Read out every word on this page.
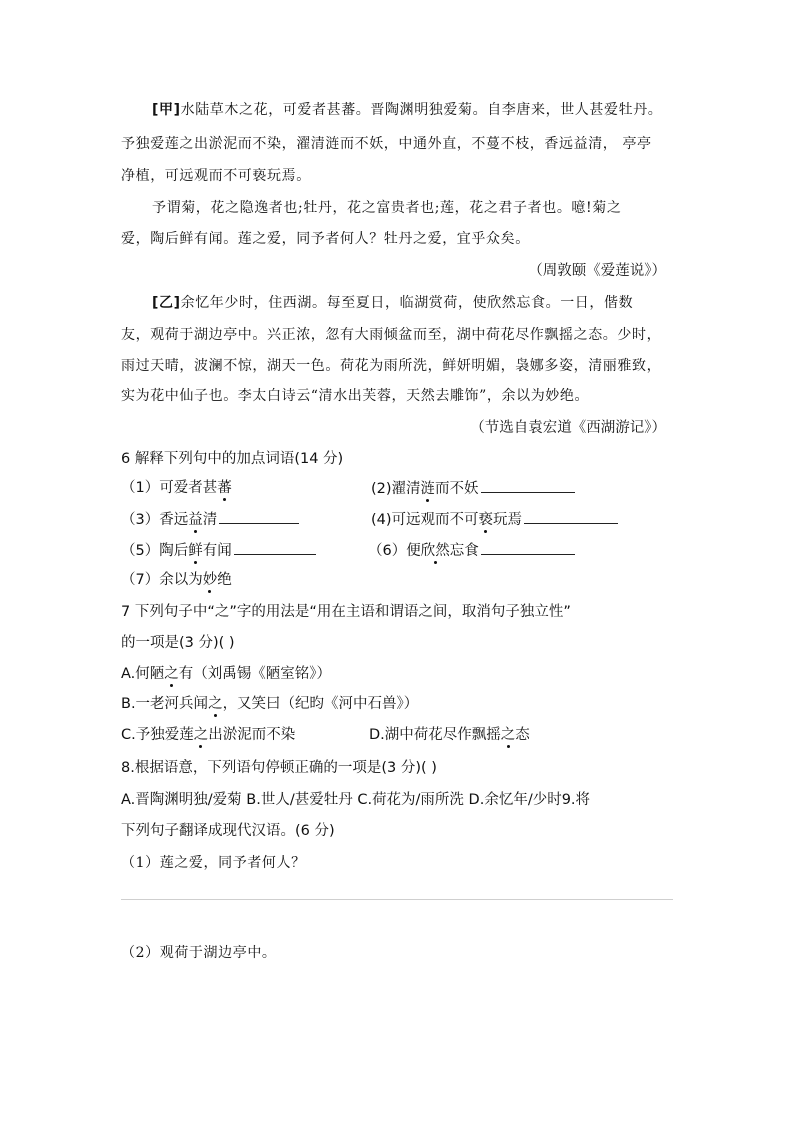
[甲]水陆草木之花，可爱者甚蕃。晋陶渊明独爱菊。自李唐来，世人甚爱牡丹。
予独爱莲之出淤泥而不染，濯清涟而不妖，中通外直，不蔓不枝，香远益清， 亭亭
净植，可远观而不可亵玩焉。
予谓菊，花之隐逸者也;牡丹，花之富贵者也;莲，花之君子者也。噫!菊之
爱，陶后鲜有闻。莲之爱，同予者何人？牡丹之爱，宜乎众矣。
（周敦颐《爱莲说》）
[乙]余忆年少时，住西湖。每至夏日，临湖赏荷，使欣然忘食。一日，偕数
友，观荷于湖边亭中。兴正浓，忽有大雨倾盆而至，湖中荷花尽作飘摇之态。少时，
雨过天晴，波澜不惊，湖天一色。荷花为雨所洗，鲜妍明媚，袅娜多姿，清丽雅致，
实为花中仙子也。李太白诗云“清水出芙蓉，天然去雕饰”，余以为妙绝。
（节选自袁宏道《西湖游记》）
6 解释下列句中的加点词语(14 分)
（1）可爱者甚蕃	(2)濯清涟而不妖
（3）香远益清	(4)可远观而不可亵玩焉
（5）陶后鲜有闻	（6）便欣然忘食
（7）余以为妙绝
7 下列句子中“之”字的用法是“用在主语和谓语之间，取消句子独立性”
的一项是(3 分)( )
A.何陋之有（刘禹锡《陋室铭》）
B.一老河兵闻之，又笑曰（纪昀《河中石兽》）
C.予独爱莲之出淤泥而不染	D.湖中荷花尽作飘摇之态
8.根据语意，下列语句停顿正确的一项是(3 分)( )
A.晋陶渊明独/爱菊 B.世人/甚爱牡丹 C.荷花为/雨所洗 D.余忆年/少时9.将
下列句子翻译成现代汉语。(6 分)
（1）莲之爱，同予者何人？
（2）观荷于湖边亭中。
